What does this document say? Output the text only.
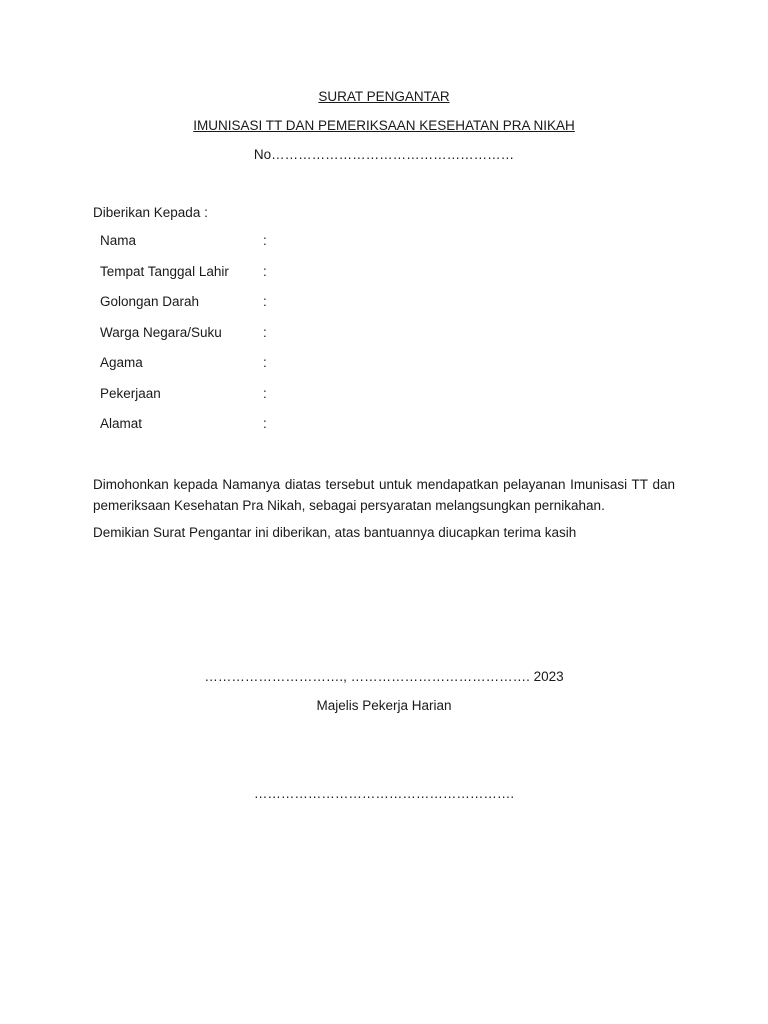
SURAT PENGANTAR
IMUNISASI TT DAN PEMERIKSAAN KESEHATAN PRA NIKAH
No………………………………………………
Diberikan Kepada :
Nama	:
Tempat Tanggal Lahir	:
Golongan Darah	:
Warga Negara/Suku	:
Agama	:
Pekerjaan	:
Alamat	:
Dimohonkan kepada Namanya diatas tersebut untuk mendapatkan pelayanan Imunisasi TT dan pemeriksaan Kesehatan Pra Nikah, sebagai persyaratan melangsungkan pernikahan.
Demikian Surat Pengantar ini diberikan, atas bantuannya diucapkan terima kasih
…………………………., …………………………………. 2023
Majelis Pekerja Harian
………………………………………………….
